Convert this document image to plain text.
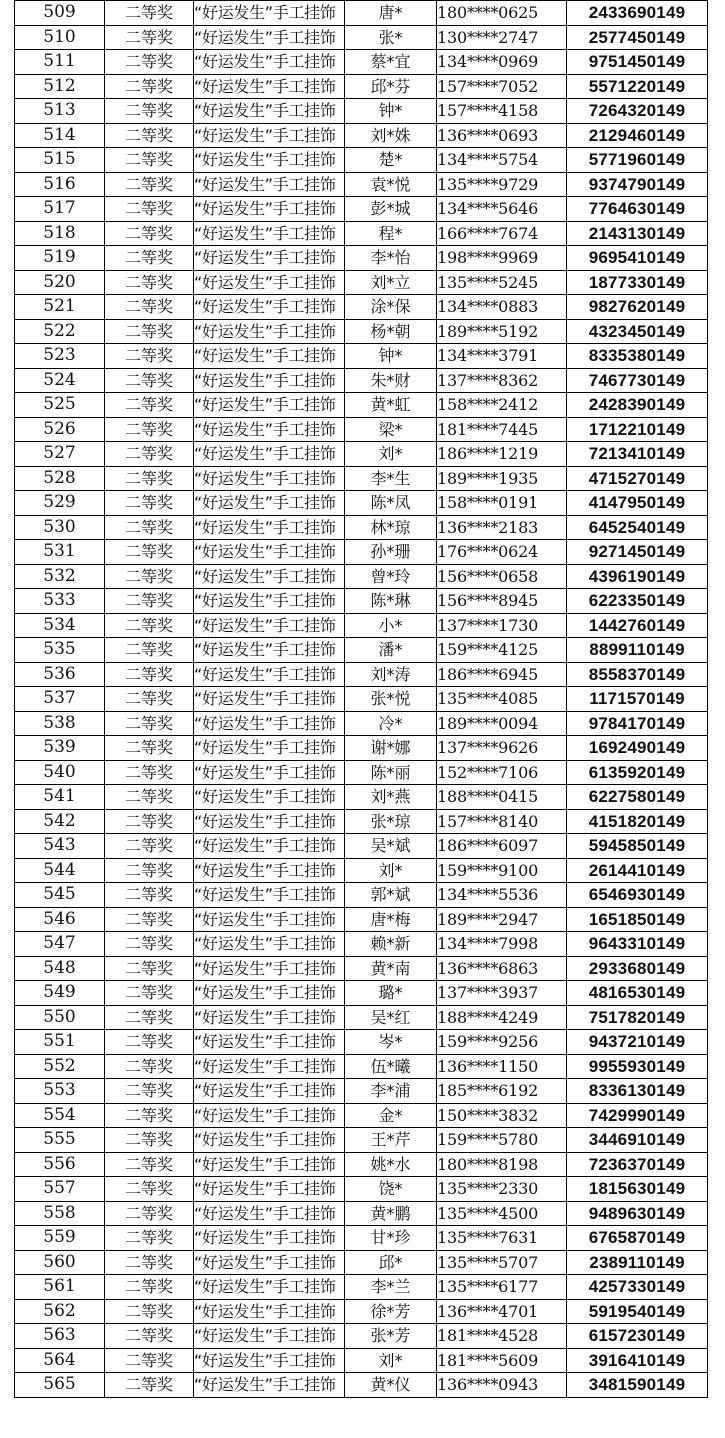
509	二等奖	“好运发生”手工挂饰	唐*	180****0625	2433690149
510	二等奖	“好运发生”手工挂饰	张*	130****2747	2577450149
511	二等奖	“好运发生”手工挂饰	蔡*宜	134****0969	9751450149
512	二等奖	“好运发生”手工挂饰	邱*芬	157****7052	5571220149
513	二等奖	“好运发生”手工挂饰	钟*	157****4158	7264320149
514	二等奖	“好运发生”手工挂饰	刘*姝	136****0693	2129460149
515	二等奖	“好运发生”手工挂饰	楚*	134****5754	5771960149
516	二等奖	“好运发生”手工挂饰	袁*悦	135****9729	9374790149
517	二等奖	“好运发生”手工挂饰	彭*城	134****5646	7764630149
518	二等奖	“好运发生”手工挂饰	程*	166****7674	2143130149
519	二等奖	“好运发生”手工挂饰	李*怡	198****9969	9695410149
520	二等奖	“好运发生”手工挂饰	刘*立	135****5245	1877330149
521	二等奖	“好运发生”手工挂饰	涂*保	134****0883	9827620149
522	二等奖	“好运发生”手工挂饰	杨*朝	189****5192	4323450149
523	二等奖	“好运发生”手工挂饰	钟*	134****3791	8335380149
524	二等奖	“好运发生”手工挂饰	朱*财	137****8362	7467730149
525	二等奖	“好运发生”手工挂饰	黄*虹	158****2412	2428390149
526	二等奖	“好运发生”手工挂饰	梁*	181****7445	1712210149
527	二等奖	“好运发生”手工挂饰	刘*	186****1219	7213410149
528	二等奖	“好运发生”手工挂饰	李*生	189****1935	4715270149
529	二等奖	“好运发生”手工挂饰	陈*凤	158****0191	4147950149
530	二等奖	“好运发生”手工挂饰	林*琼	136****2183	6452540149
531	二等奖	“好运发生”手工挂饰	孙*珊	176****0624	9271450149
532	二等奖	“好运发生”手工挂饰	曾*玲	156****0658	4396190149
533	二等奖	“好运发生”手工挂饰	陈*琳	156****8945	6223350149
534	二等奖	“好运发生”手工挂饰	小*	137****1730	1442760149
535	二等奖	“好运发生”手工挂饰	潘*	159****4125	8899110149
536	二等奖	“好运发生”手工挂饰	刘*涛	186****6945	8558370149
537	二等奖	“好运发生”手工挂饰	张*悦	135****4085	1171570149
538	二等奖	“好运发生”手工挂饰	冷*	189****0094	9784170149
539	二等奖	“好运发生”手工挂饰	谢*娜	137****9626	1692490149
540	二等奖	“好运发生”手工挂饰	陈*丽	152****7106	6135920149
541	二等奖	“好运发生”手工挂饰	刘*燕	188****0415	6227580149
542	二等奖	“好运发生”手工挂饰	张*琼	157****8140	4151820149
543	二等奖	“好运发生”手工挂饰	吴*斌	186****6097	5945850149
544	二等奖	“好运发生”手工挂饰	刘*	159****9100	2614410149
545	二等奖	“好运发生”手工挂饰	郭*斌	134****5536	6546930149
546	二等奖	“好运发生”手工挂饰	唐*梅	189****2947	1651850149
547	二等奖	“好运发生”手工挂饰	赖*新	134****7998	9643310149
548	二等奖	“好运发生”手工挂饰	黄*南	136****6863	2933680149
549	二等奖	“好运发生”手工挂饰	璐*	137****3937	4816530149
550	二等奖	“好运发生”手工挂饰	吴*红	188****4249	7517820149
551	二等奖	“好运发生”手工挂饰	岑*	159****9256	9437210149
552	二等奖	“好运发生”手工挂饰	伍*曦	136****1150	9955930149
553	二等奖	“好运发生”手工挂饰	李*浦	185****6192	8336130149
554	二等奖	“好运发生”手工挂饰	金*	150****3832	7429990149
555	二等奖	“好运发生”手工挂饰	王*芹	159****5780	3446910149
556	二等奖	“好运发生”手工挂饰	姚*水	180****8198	7236370149
557	二等奖	“好运发生”手工挂饰	饶*	135****2330	1815630149
558	二等奖	“好运发生”手工挂饰	黄*鹏	135****4500	9489630149
559	二等奖	“好运发生”手工挂饰	甘*珍	135****7631	6765870149
560	二等奖	“好运发生”手工挂饰	邱*	135****5707	2389110149
561	二等奖	“好运发生”手工挂饰	李*兰	135****6177	4257330149
562	二等奖	“好运发生”手工挂饰	徐*芳	136****4701	5919540149
563	二等奖	“好运发生”手工挂饰	张*芳	181****4528	6157230149
564	二等奖	“好运发生”手工挂饰	刘*	181****5609	3916410149
565	二等奖	“好运发生”手工挂饰	黄*仪	136****0943	3481590149
